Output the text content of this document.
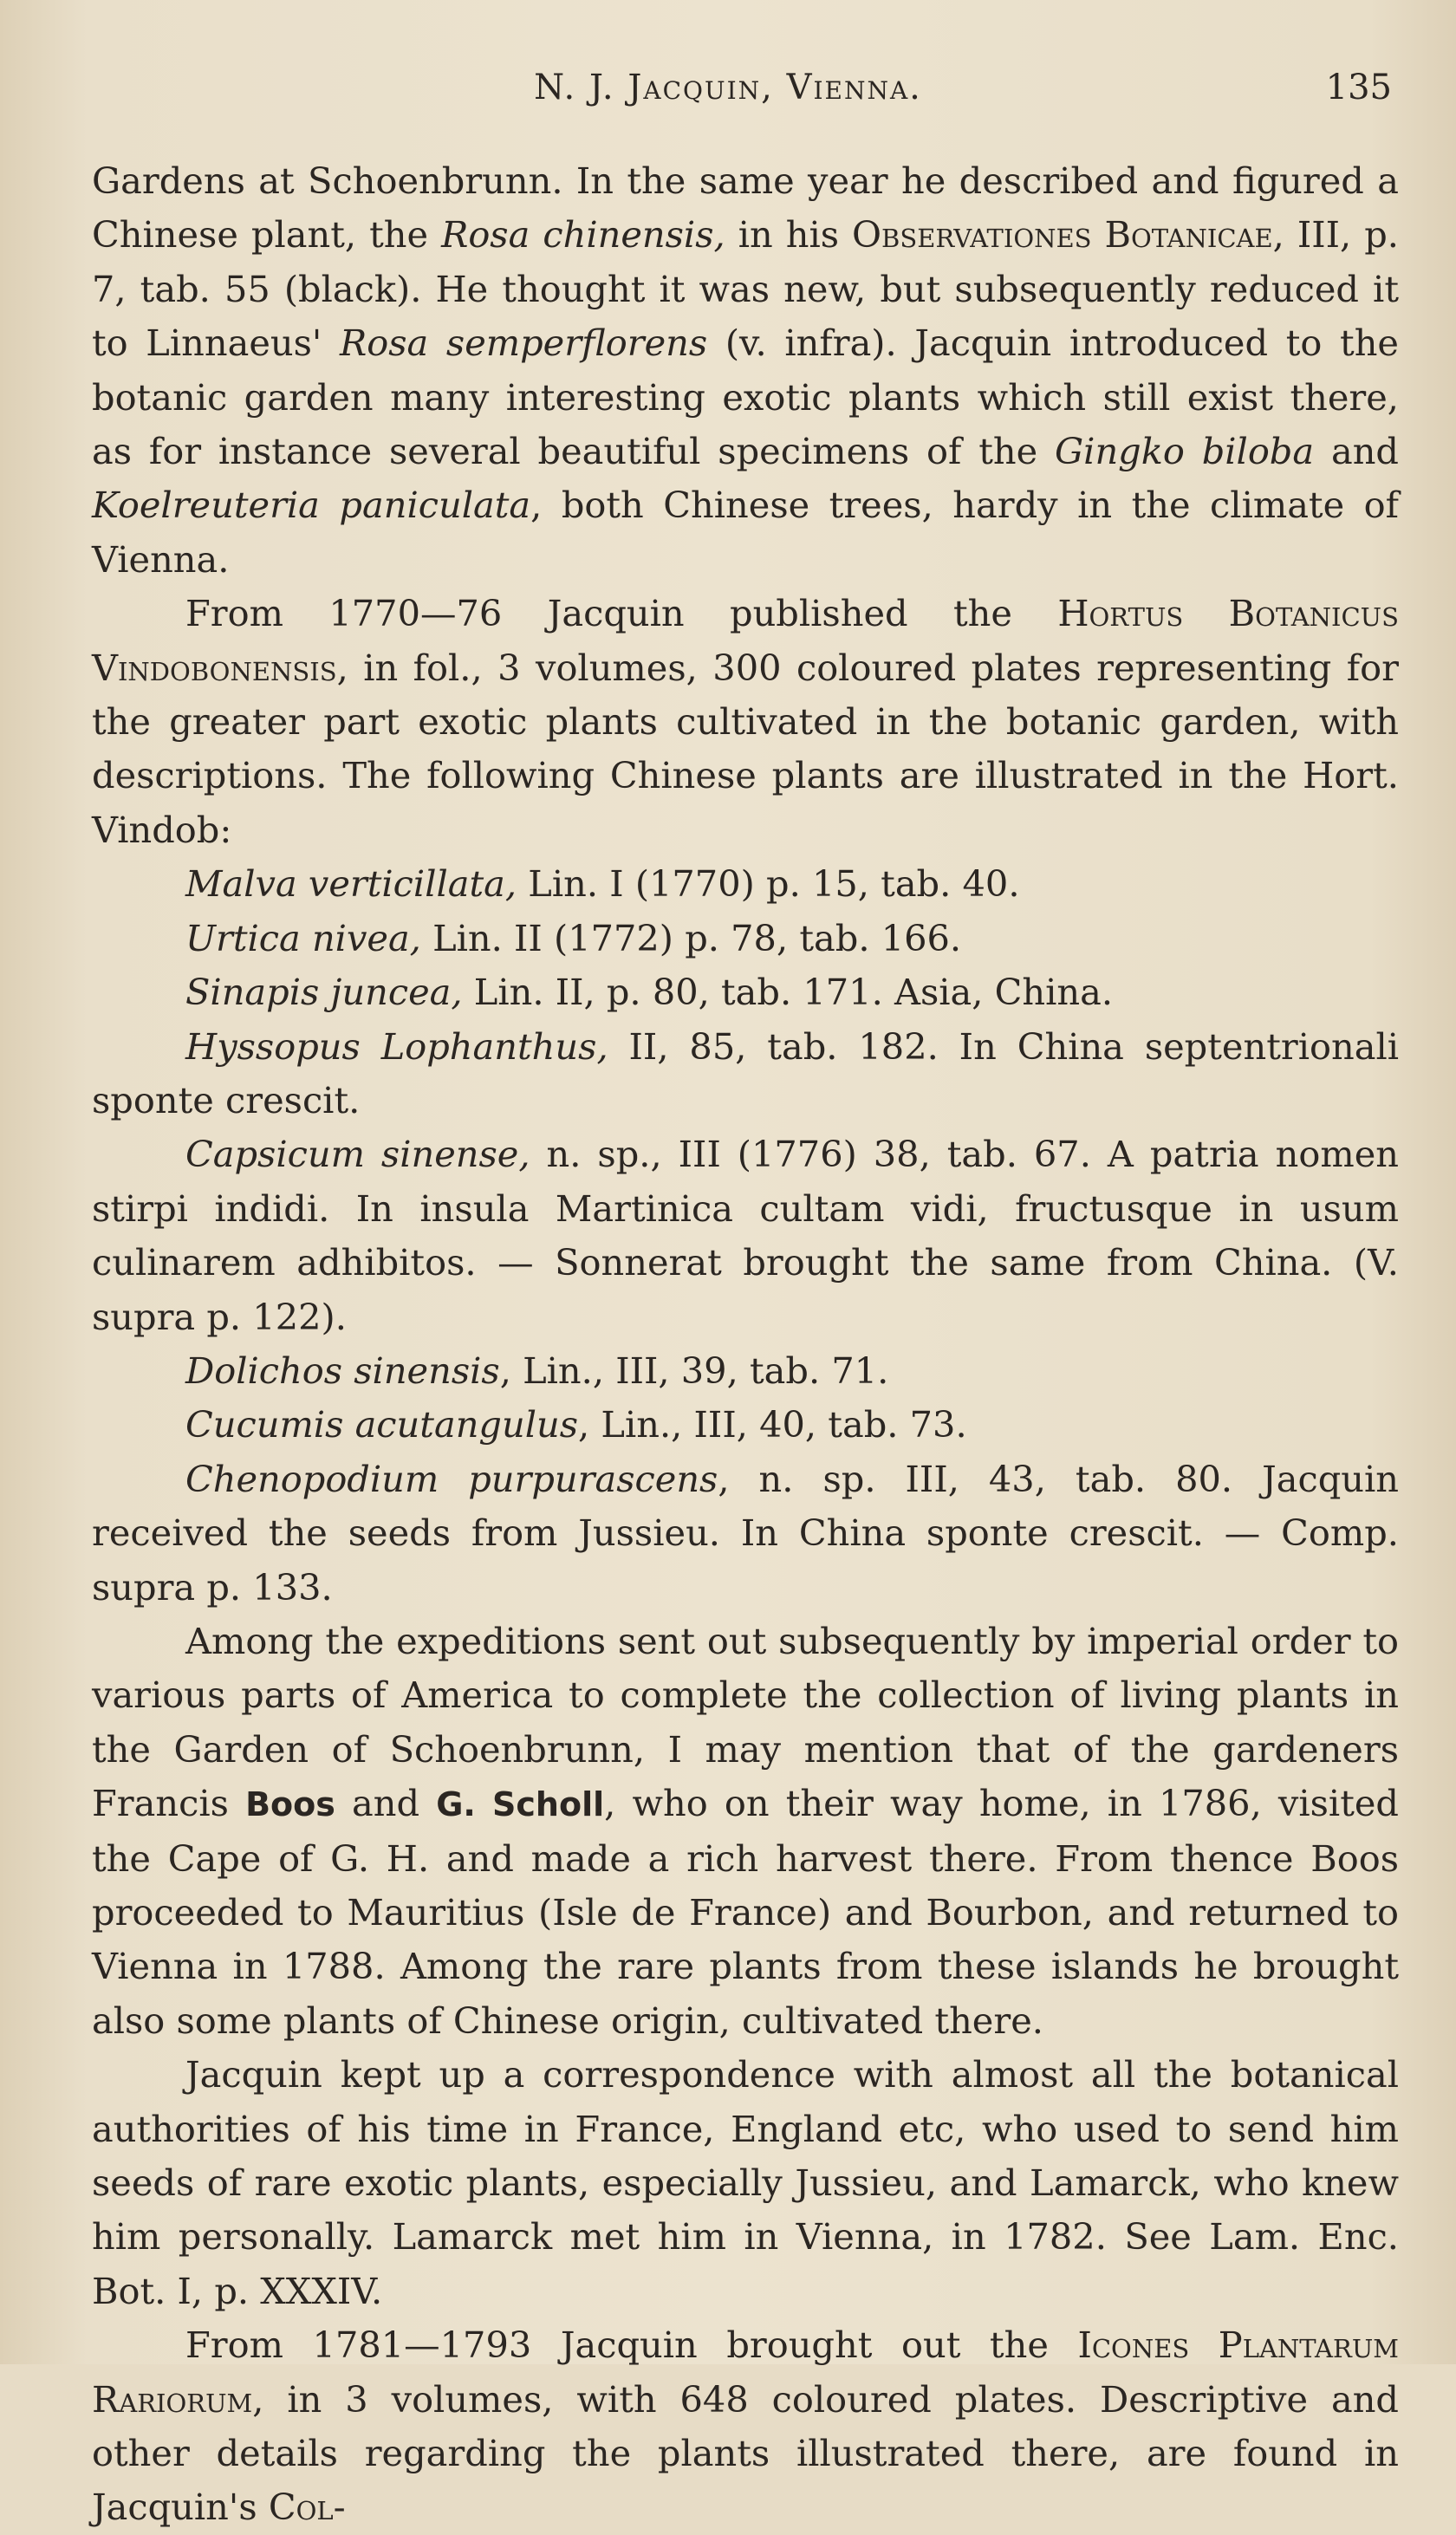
N. J. Jacquin, Vienna.	135

Gardens at Schoenbrunn. In the same year he described and figured a Chinese plant, the Rosa chinensis, in his Observationes Botanicae, III, p. 7, tab. 55 (black). He thought it was new, but subsequently reduced it to Linnaeus' Rosa semperflorens (v. infra). Jacquin introduced to the botanic garden many interesting exotic plants which still exist there, as for instance several beautiful specimens of the Gingko biloba and Koelreuteria paniculata, both Chinese trees, hardy in the climate of Vienna.

From 1770—76 Jacquin published the Hortus Botanicus Vindobonensis, in fol., 3 volumes, 300 coloured plates representing for the greater part exotic plants cultivated in the botanic garden, with descriptions. The following Chinese plants are illustrated in the Hort. Vindob:

Malva verticillata, Lin. I (1770) p. 15, tab. 40.

Urtica nivea, Lin. II (1772) p. 78, tab. 166.

Sinapis juncea, Lin. II, p. 80, tab. 171. Asia, China.

Hyssopus Lophanthus, II, 85, tab. 182. In China septentrionali sponte crescit.

Capsicum sinense, n. sp., III (1776) 38, tab. 67. A patria nomen stirpi indidi. In insula Martinica cultam vidi, fructusque in usum culinarem adhibitos. — Sonnerat brought the same from China. (V. supra p. 122).

Dolichos sinensis, Lin., III, 39, tab. 71.

Cucumis acutangulus, Lin., III, 40, tab. 73.

Chenopodium purpurascens, n. sp. III, 43, tab. 80. Jacquin received the seeds from Jussieu. In China sponte crescit. — Comp. supra p. 133.

Among the expeditions sent out subsequently by imperial order to various parts of America to complete the collection of living plants in the Garden of Schoenbrunn, I may mention that of the gardeners Francis Boos and G. Scholl, who on their way home, in 1786, visited the Cape of G. H. and made a rich harvest there. From thence Boos proceeded to Mauritius (Isle de France) and Bourbon, and returned to Vienna in 1788. Among the rare plants from these islands he brought also some plants of Chinese origin, cultivated there.

Jacquin kept up a correspondence with almost all the botanical authorities of his time in France, England etc, who used to send him seeds of rare exotic plants, especially Jussieu, and Lamarck, who knew him personally. Lamarck met him in Vienna, in 1782. See Lam. Enc. Bot. I, p. XXXIV.

From 1781—1793 Jacquin brought out the Icones Plantarum Rariorum, in 3 volumes, with 648 coloured plates. Descriptive and other details regarding the plants illustrated there, are found in Jacquin's Col-
